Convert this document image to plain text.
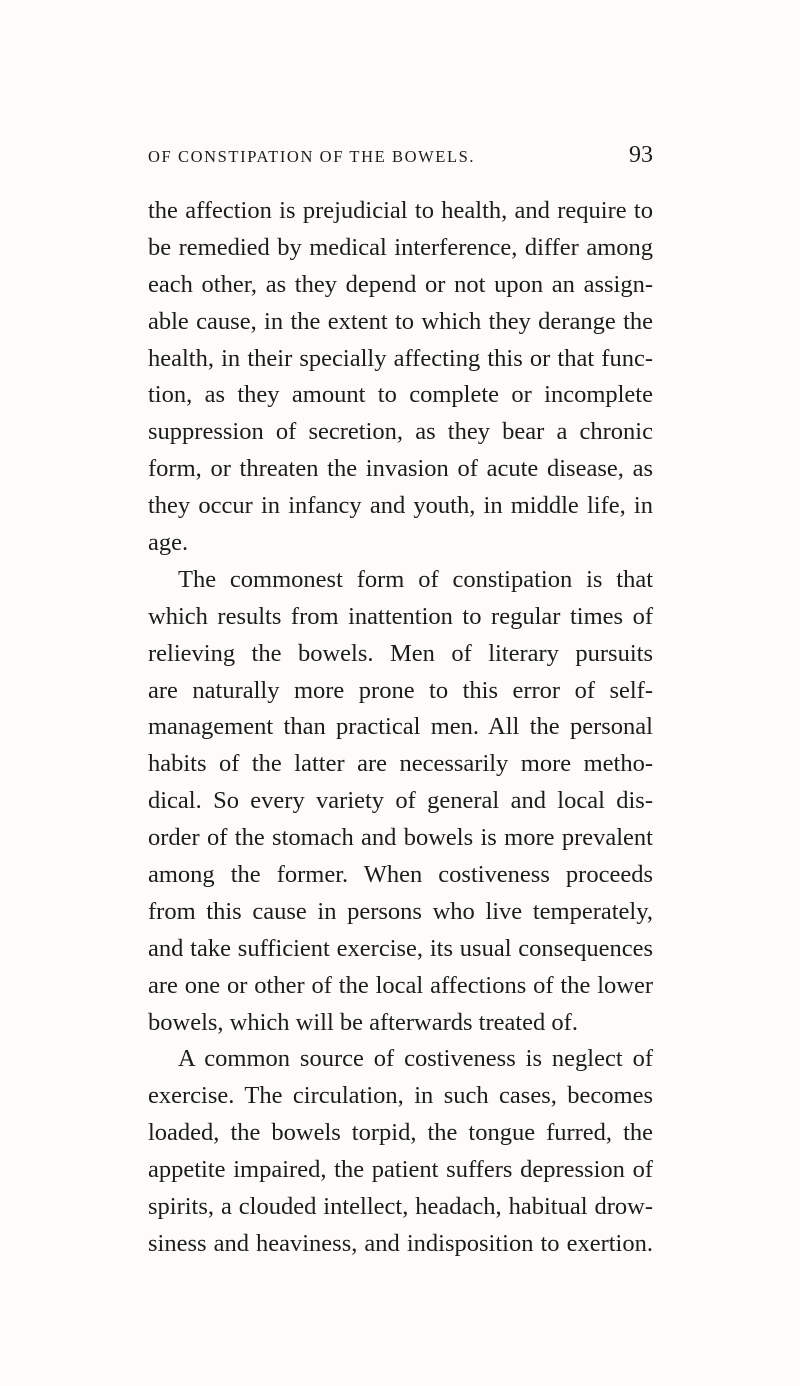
OF CONSTIPATION OF THE BOWELS.	93
the affection is prejudicial to health, and require to
be remedied by medical interference, differ among
each other, as they depend or not upon an assign-
able cause, in the extent to which they derange the
health, in their specially affecting this or that func-
tion, as they amount to complete or incomplete
suppression of secretion, as they bear a chronic
form, or threaten the invasion of acute disease, as
they occur in infancy and youth, in middle life, in
age.
The commonest form of constipation is that
which results from inattention to regular times of
relieving the bowels. Men of literary pursuits
are naturally more prone to this error of self-
management than practical men. All the personal
habits of the latter are necessarily more metho-
dical. So every variety of general and local dis-
order of the stomach and bowels is more prevalent
among the former. When costiveness proceeds
from this cause in persons who live temperately,
and take sufficient exercise, its usual consequences
are one or other of the local affections of the lower
bowels, which will be afterwards treated of.
A common source of costiveness is neglect of
exercise. The circulation, in such cases, becomes
loaded, the bowels torpid, the tongue furred, the
appetite impaired, the patient suffers depression of
spirits, a clouded intellect, headach, habitual drow-
siness and heaviness, and indisposition to exertion.
